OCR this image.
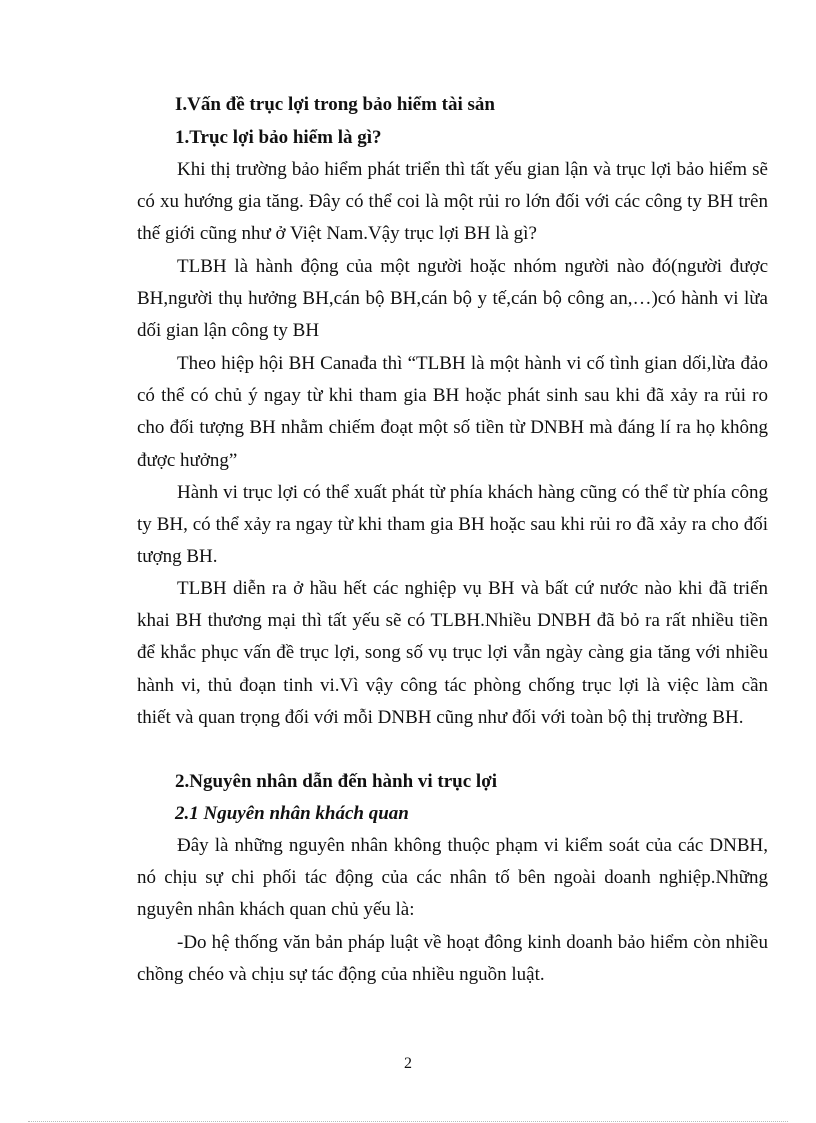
I.Vấn đề trục lợi trong bảo hiểm tài sản
1.Trục lợi bảo hiểm là gì?
Khi thị trường bảo hiểm phát triển thì tất yếu gian lận và trục lợi bảo hiểm sẽ có xu hướng gia tăng. Đây có thể coi là một rủi ro lớn đối với các công ty BH trên thế giới cũng như ở Việt Nam.Vậy trục lợi BH là gì?
TLBH là hành động của một người hoặc nhóm người nào đó(người được BH,người thụ hưởng BH,cán bộ BH,cán bộ y tế,cán bộ công an,…)có hành vi lừa dối gian lận công ty BH
Theo hiệp hội BH Canađa thì “TLBH là một hành vi cố tình gian dối,lừa đảo có thể có chủ ý ngay từ khi tham gia BH hoặc phát sinh sau khi đã xảy ra rủi ro cho đối tượng BH nhằm chiếm đoạt một số tiền từ DNBH mà đáng lí ra họ không được hưởng”
Hành vi trục lợi có thể xuất phát từ phía khách hàng cũng có thể từ phía công ty BH, có thể xảy ra ngay từ khi tham gia BH hoặc sau khi rủi ro đã xảy ra cho đối tượng BH.
TLBH diễn ra ở hầu hết các nghiệp vụ BH và bất cứ nước nào khi đã triển khai BH thương mại thì tất yếu sẽ có TLBH.Nhiều DNBH đã bỏ ra rất nhiều tiền để khắc phục vấn đề trục lợi, song số vụ trục lợi vẫn ngày càng gia tăng với nhiều hành vi, thủ đoạn tinh vi.Vì vậy công tác phòng chống trục lợi là việc làm cần thiết và quan trọng đối với mỗi DNBH cũng như đối với toàn bộ thị trường BH.
2.Nguyên nhân dẫn đến hành vi trục lợi
2.1 Nguyên nhân khách quan
Đây là những nguyên nhân không thuộc phạm vi kiểm soát của các DNBH, nó chịu sự chi phối tác động của các nhân tố bên ngoài doanh nghiệp.Những nguyên nhân khách quan chủ yếu là:
-Do hệ thống văn bản pháp luật về hoạt đông kinh doanh bảo hiểm còn nhiều chồng chéo và chịu sự tác động của nhiều nguồn luật.
2
